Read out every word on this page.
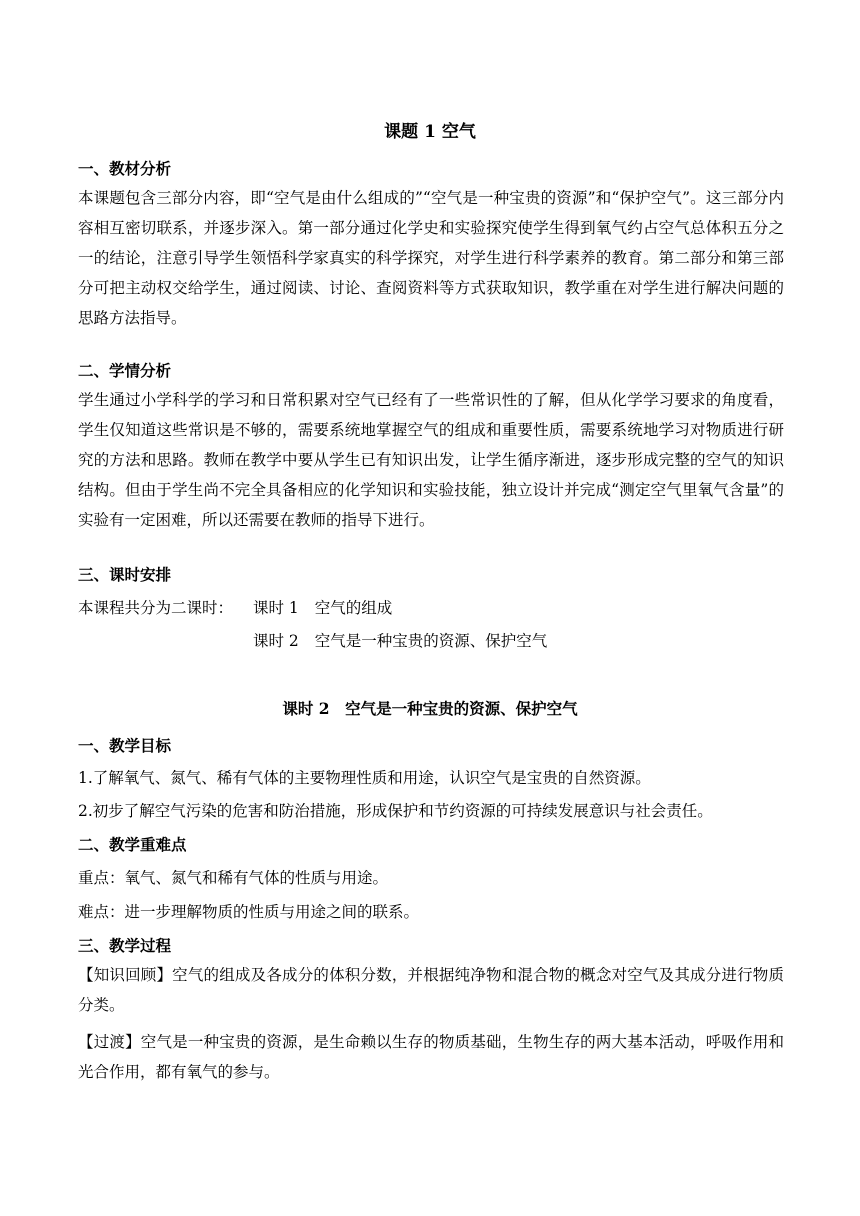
课题 1 空气
一、教材分析
本课题包含三部分内容，即“空气是由什么组成的”“空气是一种宝贵的资源”和“保护空气”。这三部分内容相互密切联系，并逐步深入。第一部分通过化学史和实验探究使学生得到氧气约占空气总体积五分之一的结论，注意引导学生领悟科学家真实的科学探究，对学生进行科学素养的教育。第二部分和第三部分可把主动权交给学生，通过阅读、讨论、查阅资料等方式获取知识，教学重在对学生进行解决问题的思路方法指导。
二、学情分析
学生通过小学科学的学习和日常积累对空气已经有了一些常识性的了解，但从化学学习要求的角度看，学生仅知道这些常识是不够的，需要系统地掌握空气的组成和重要性质，需要系统地学习对物质进行研究的方法和思路。教师在教学中要从学生已有知识出发，让学生循序渐进，逐步形成完整的空气的知识结构。但由于学生尚不完全具备相应的化学知识和实验技能，独立设计并完成“测定空气里氧气含量”的实验有一定困难，所以还需要在教师的指导下进行。
三、课时安排
本课程共分为二课时： 课时 1 空气的组成
课时 2 空气是一种宝贵的资源、保护空气
课时 2　空气是一种宝贵的资源、保护空气
一、教学目标
1.了解氧气、氮气、稀有气体的主要物理性质和用途，认识空气是宝贵的自然资源。
2.初步了解空气污染的危害和防治措施，形成保护和节约资源的可持续发展意识与社会责任。
二、教学重难点
重点：氧气、氮气和稀有气体的性质与用途。
难点：进一步理解物质的性质与用途之间的联系。
三、教学过程
【知识回顾】空气的组成及各成分的体积分数，并根据纯净物和混合物的概念对空气及其成分进行物质分类。
【过渡】空气是一种宝贵的资源，是生命赖以生存的物质基础，生物生存的两大基本活动，呼吸作用和光合作用，都有氧气的参与。
